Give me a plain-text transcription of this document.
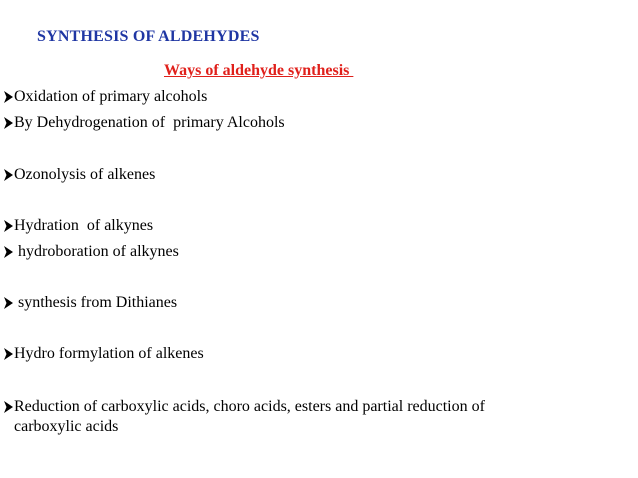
SYNTHESIS OF ALDEHYDES
Ways of aldehyde synthesis
Oxidation of primary alcohols
By Dehydrogenation of  primary Alcohols
Ozonolysis of alkenes
Hydration  of alkynes
hydroboration of alkynes
synthesis from Dithianes
Hydro formylation of alkenes
Reduction of carboxylic acids, choro acids, esters and partial reduction of
carboxylic acids
